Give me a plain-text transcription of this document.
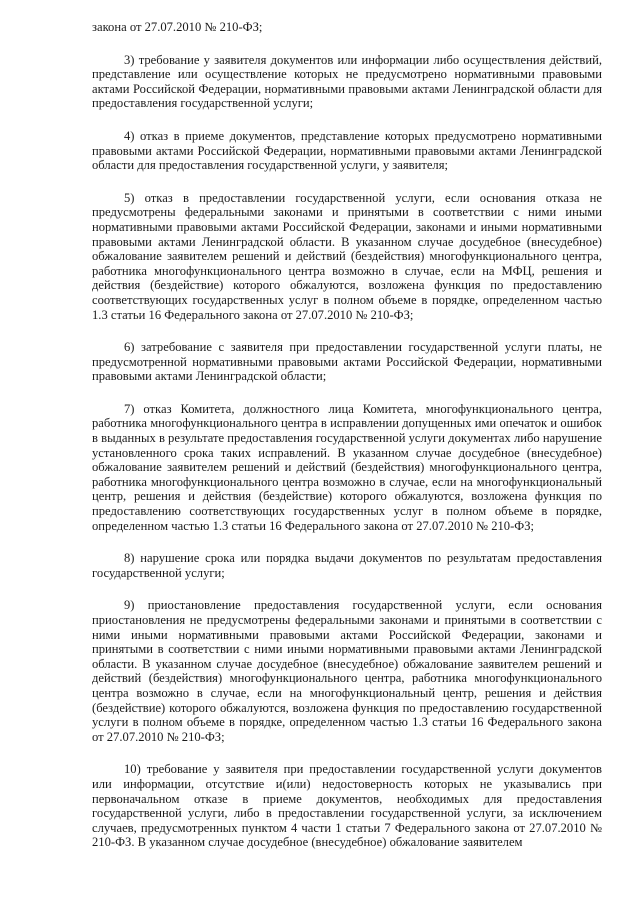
закона от 27.07.2010 № 210-ФЗ;

3) требование у заявителя документов или информации либо осуществления действий, представление или осуществление которых не предусмотрено нормативными правовыми актами Российской Федерации, нормативными правовыми актами Ленинградской области для предоставления государственной услуги;

4) отказ в приеме документов, представление которых предусмотрено нормативными правовыми актами Российской Федерации, нормативными правовыми актами Ленинградской области для предоставления государственной услуги, у заявителя;

5) отказ в предоставлении государственной услуги, если основания отказа не предусмотрены федеральными законами и принятыми в соответствии с ними иными нормативными правовыми актами Российской Федерации, законами и иными нормативными правовыми актами Ленинградской области. В указанном случае досудебное (внесудебное) обжалование заявителем решений и действий (бездействия) многофункционального центра, работника многофункционального центра возможно в случае, если на МФЦ, решения и действия (бездействие) которого обжалуются, возложена функция по предоставлению соответствующих государственных услуг в полном объеме в порядке, определенном частью 1.3 статьи 16 Федерального закона от 27.07.2010 № 210-ФЗ;

6) затребование с заявителя при предоставлении государственной услуги платы, не предусмотренной нормативными правовыми актами Российской Федерации, нормативными правовыми актами Ленинградской области;

7) отказ Комитета, должностного лица Комитета, многофункционального центра, работника многофункционального центра в исправлении допущенных ими опечаток и ошибок в выданных в результате предоставления государственной услуги документах либо нарушение установленного срока таких исправлений. В указанном случае досудебное (внесудебное) обжалование заявителем решений и действий (бездействия) многофункционального центра, работника многофункционального центра возможно в случае, если на многофункциональный центр, решения и действия (бездействие) которого обжалуются, возложена функция по предоставлению соответствующих государственных услуг в полном объеме в порядке, определенном частью 1.3 статьи 16 Федерального закона от 27.07.2010 № 210-ФЗ;

8) нарушение срока или порядка выдачи документов по результатам предоставления государственной услуги;

9) приостановление предоставления государственной услуги, если основания приостановления не предусмотрены федеральными законами и принятыми в соответствии с ними иными нормативными правовыми актами Российской Федерации, законами и принятыми в соответствии с ними иными нормативными правовыми актами Ленинградской области. В указанном случае досудебное (внесудебное) обжалование заявителем решений и действий (бездействия) многофункционального центра, работника многофункционального центра возможно в случае, если на многофункциональный центр, решения и действия (бездействие) которого обжалуются, возложена функция по предоставлению государственной услуги в полном объеме в порядке, определенном частью 1.3 статьи 16 Федерального закона от 27.07.2010 № 210-ФЗ;

10) требование у заявителя при предоставлении государственной услуги документов или информации, отсутствие и(или) недостоверность которых не указывались при первоначальном отказе в приеме документов, необходимых для предоставления государственной услуги, либо в предоставлении государственной услуги, за исключением случаев, предусмотренных пунктом 4 части 1 статьи 7 Федерального закона от 27.07.2010 № 210-ФЗ. В указанном случае досудебное (внесудебное) обжалование заявителем
